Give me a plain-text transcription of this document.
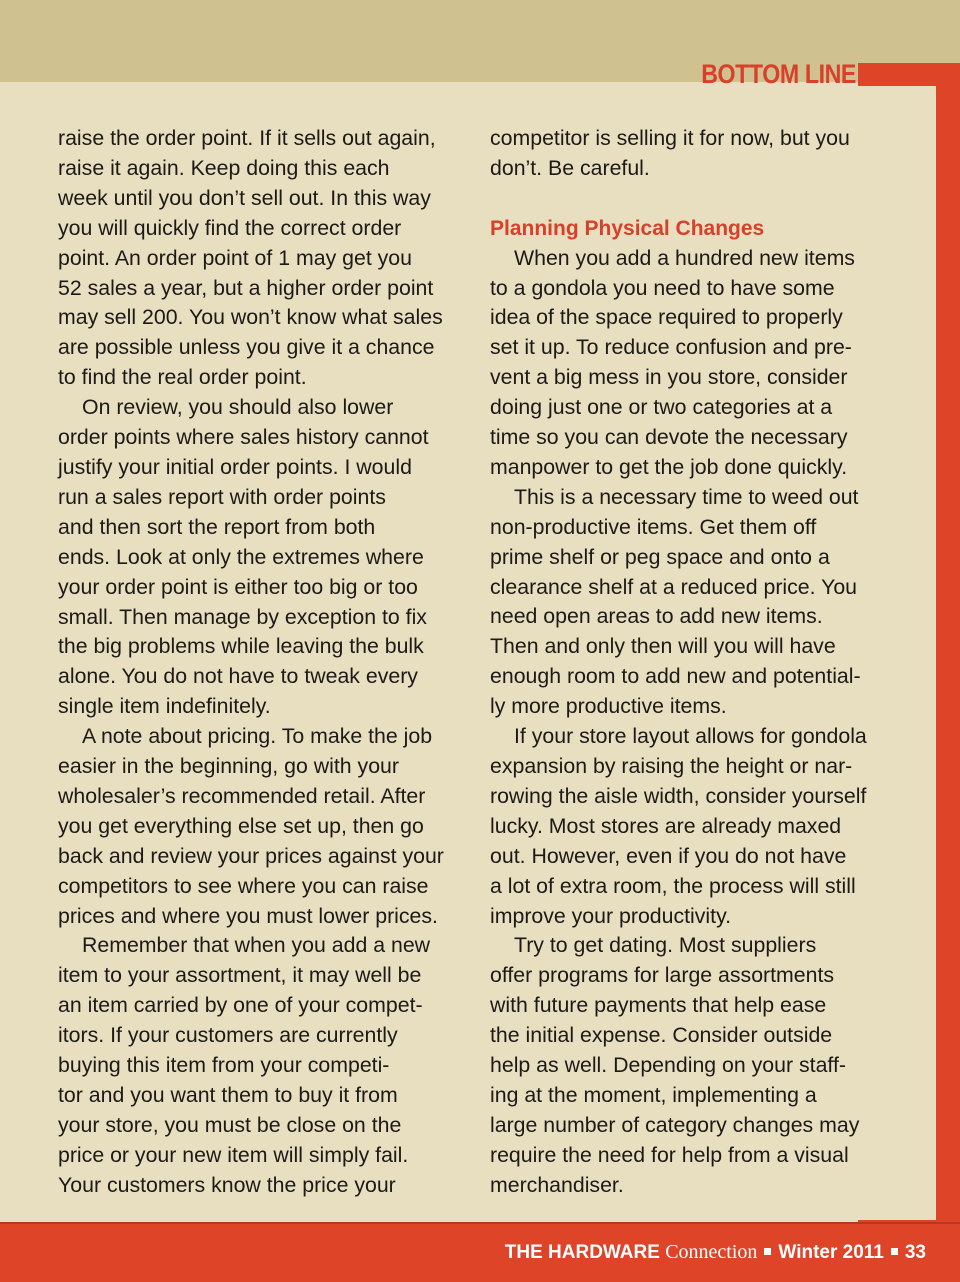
BOTTOM LINE

raise the order point. If it sells out again,

raise it again. Keep doing this each

week until you don’t sell out. In this way

you will quickly find the correct order

point. An order point of 1 may get you

52 sales a year, but a higher order point

may sell 200. You won’t know what sales

are possible unless you give it a chance

to find the real order point.

On review, you should also lower

order points where sales history cannot

justify your initial order points. I would

run a sales report with order points

and then sort the report from both

ends. Look at only the extremes where

your order point is either too big or too

small. Then manage by exception to fix

the big problems while leaving the bulk

alone. You do not have to tweak every

single item indefinitely.

A note about pricing. To make the job

easier in the beginning, go with your

wholesaler’s recommended retail. After

you get everything else set up, then go

back and review your prices against your

competitors to see where you can raise

prices and where you must lower prices.

Remember that when you add a new

item to your assortment, it may well be

an item carried by one of your compet-

itors. If your customers are currently

buying this item from your competi-

tor and you want them to buy it from

your store, you must be close on the

price or your new item will simply fail.

Your customers know the price your

competitor is selling it for now, but you

don’t. Be careful.

Planning Physical Changes

When you add a hundred new items

to a gondola you need to have some

idea of the space required to properly

set it up. To reduce confusion and pre-

vent a big mess in you store, consider

doing just one or two categories at a

time so you can devote the necessary

manpower to get the job done quickly.

This is a necessary time to weed out

non-productive items. Get them off

prime shelf or peg space and onto a

clearance shelf at a reduced price. You

need open areas to add new items.

Then and only then will you will have

enough room to add new and potential-

ly more productive items.

If your store layout allows for gondola

expansion by raising the height or nar-

rowing the aisle width, consider yourself

lucky. Most stores are already maxed

out. However, even if you do not have

a lot of extra room, the process will still

improve your productivity.

Try to get dating. Most suppliers

offer programs for large assortments

with future payments that help ease

the initial expense. Consider outside

help as well. Depending on your staff-

ing at the moment, implementing a

large number of category changes may

require the need for help from a visual

merchandiser.

THE HARDWARE Connection Winter 2011 33
